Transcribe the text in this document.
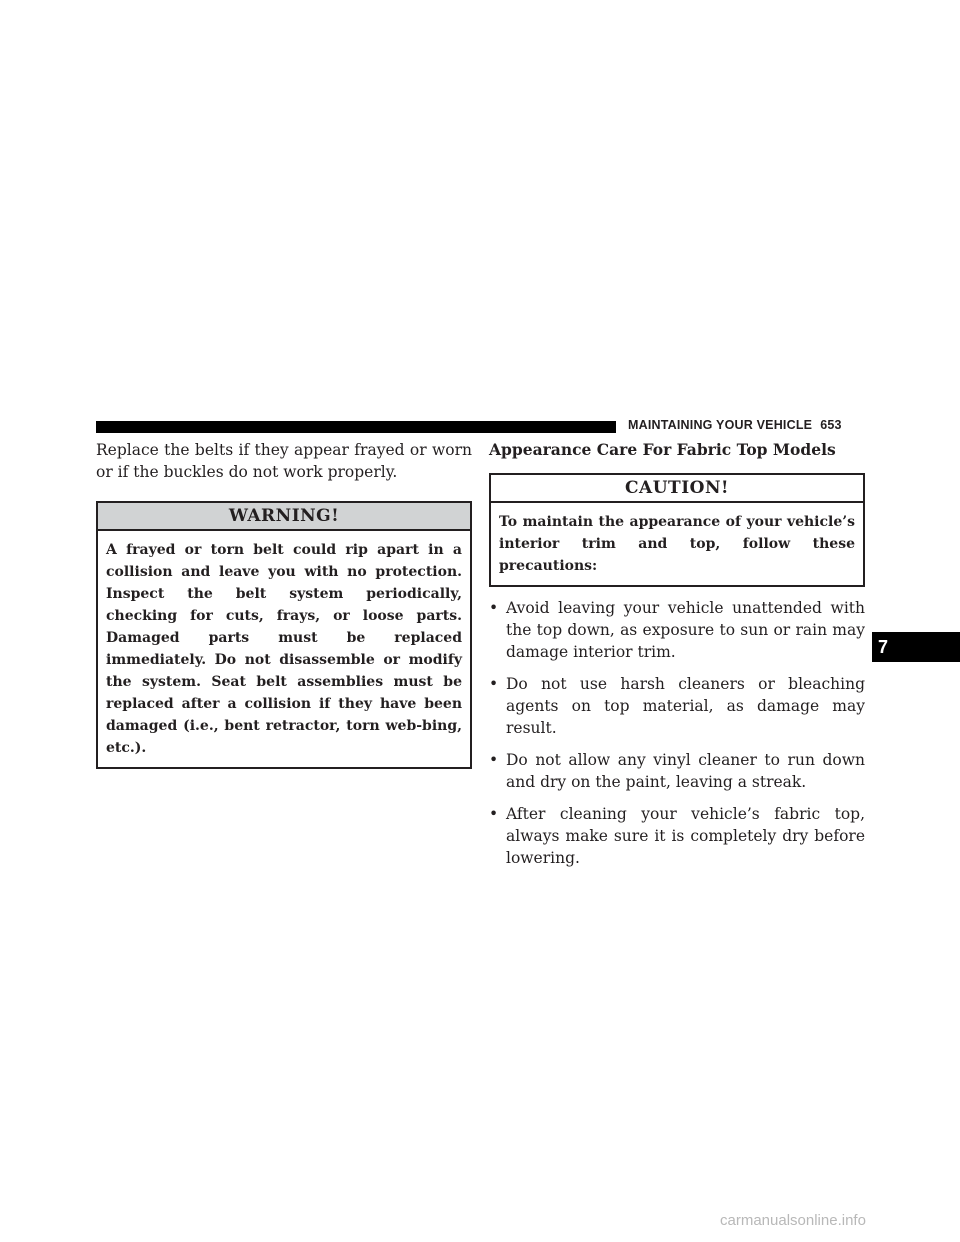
MAINTAINING YOUR VEHICLE 653

Replace the belts if they appear frayed or worn or if the buckles do not work properly.

WARNING!
A frayed or torn belt could rip apart in a collision and leave you with no protection. Inspect the belt system periodically, checking for cuts, frays, or loose parts. Damaged parts must be replaced immediately. Do not disassemble or modify the system. Seat belt assemblies must be replaced after a collision if they have been damaged (i.e., bent retractor, torn web-bing, etc.).

Appearance Care For Fabric Top Models

CAUTION!
To maintain the appearance of your vehicle’s interior trim and top, follow these precautions:
• Avoid leaving your vehicle unattended with the top down, as exposure to sun or rain may damage interior trim.
• Do not use harsh cleaners or bleaching agents on top material, as damage may result.
• Do not allow any vinyl cleaner to run down and dry on the paint, leaving a streak.
• After cleaning your vehicle’s fabric top, always make sure it is completely dry before lowering.
7
carmanualsonline.info
